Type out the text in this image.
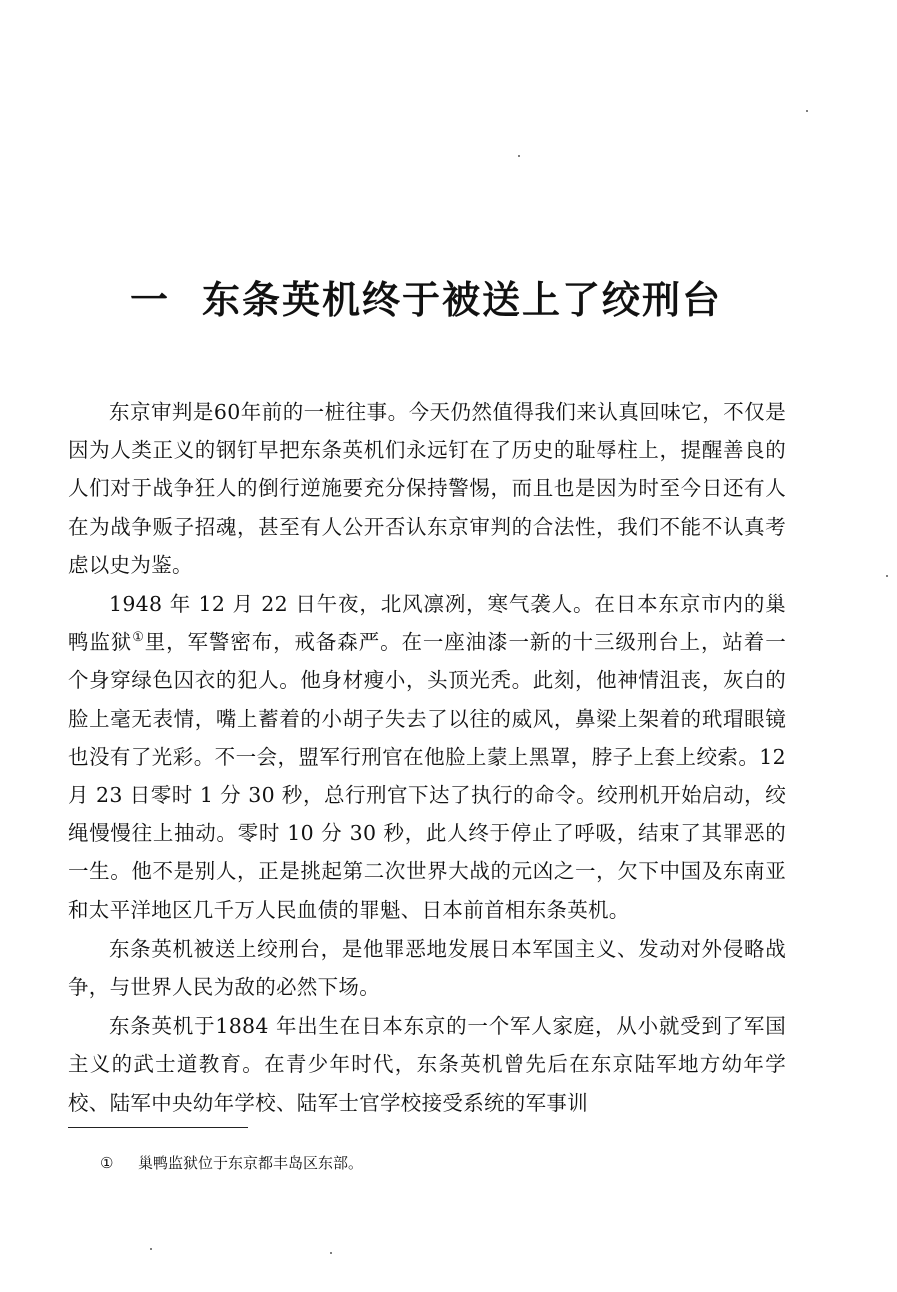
一 东条英机终于被送上了绞刑台

东京审判是60年前的一桩往事。今天仍然值得我们来认真回味它，不仅是因为人类正义的钢钉早把东条英机们永远钉在了历史的耻辱柱上，提醒善良的人们对于战争狂人的倒行逆施要充分保持警惕，而且也是因为时至今日还有人在为战争贩子招魂，甚至有人公开否认东京审判的合法性，我们不能不认真考虑以史为鉴。

1948 年 12 月 22 日午夜，北风凛冽，寒气袭人。在日本东京市内的巢鸭监狱①里，军警密布，戒备森严。在一座油漆一新的十三级刑台上，站着一个身穿绿色囚衣的犯人。他身材瘦小，头顶光秃。此刻，他神情沮丧，灰白的脸上毫无表情，嘴上蓄着的小胡子失去了以往的威风，鼻梁上架着的玳瑁眼镜也没有了光彩。不一会，盟军行刑官在他脸上蒙上黑罩，脖子上套上绞索。12 月 23 日零时 1 分 30 秒，总行刑官下达了执行的命令。绞刑机开始启动，绞绳慢慢往上抽动。零时 10 分 30 秒，此人终于停止了呼吸，结束了其罪恶的一生。他不是别人，正是挑起第二次世界大战的元凶之一，欠下中国及东南亚和太平洋地区几千万人民血债的罪魁、日本前首相东条英机。

东条英机被送上绞刑台，是他罪恶地发展日本军国主义、发动对外侵略战争，与世界人民为敌的必然下场。

东条英机于1884 年出生在日本东京的一个军人家庭，从小就受到了军国主义的武士道教育。在青少年时代，东条英机曾先后在东京陆军地方幼年学校、陆军中央幼年学校、陆军士官学校接受系统的军事训

① 巢鸭监狱位于东京都丰岛区东部。
